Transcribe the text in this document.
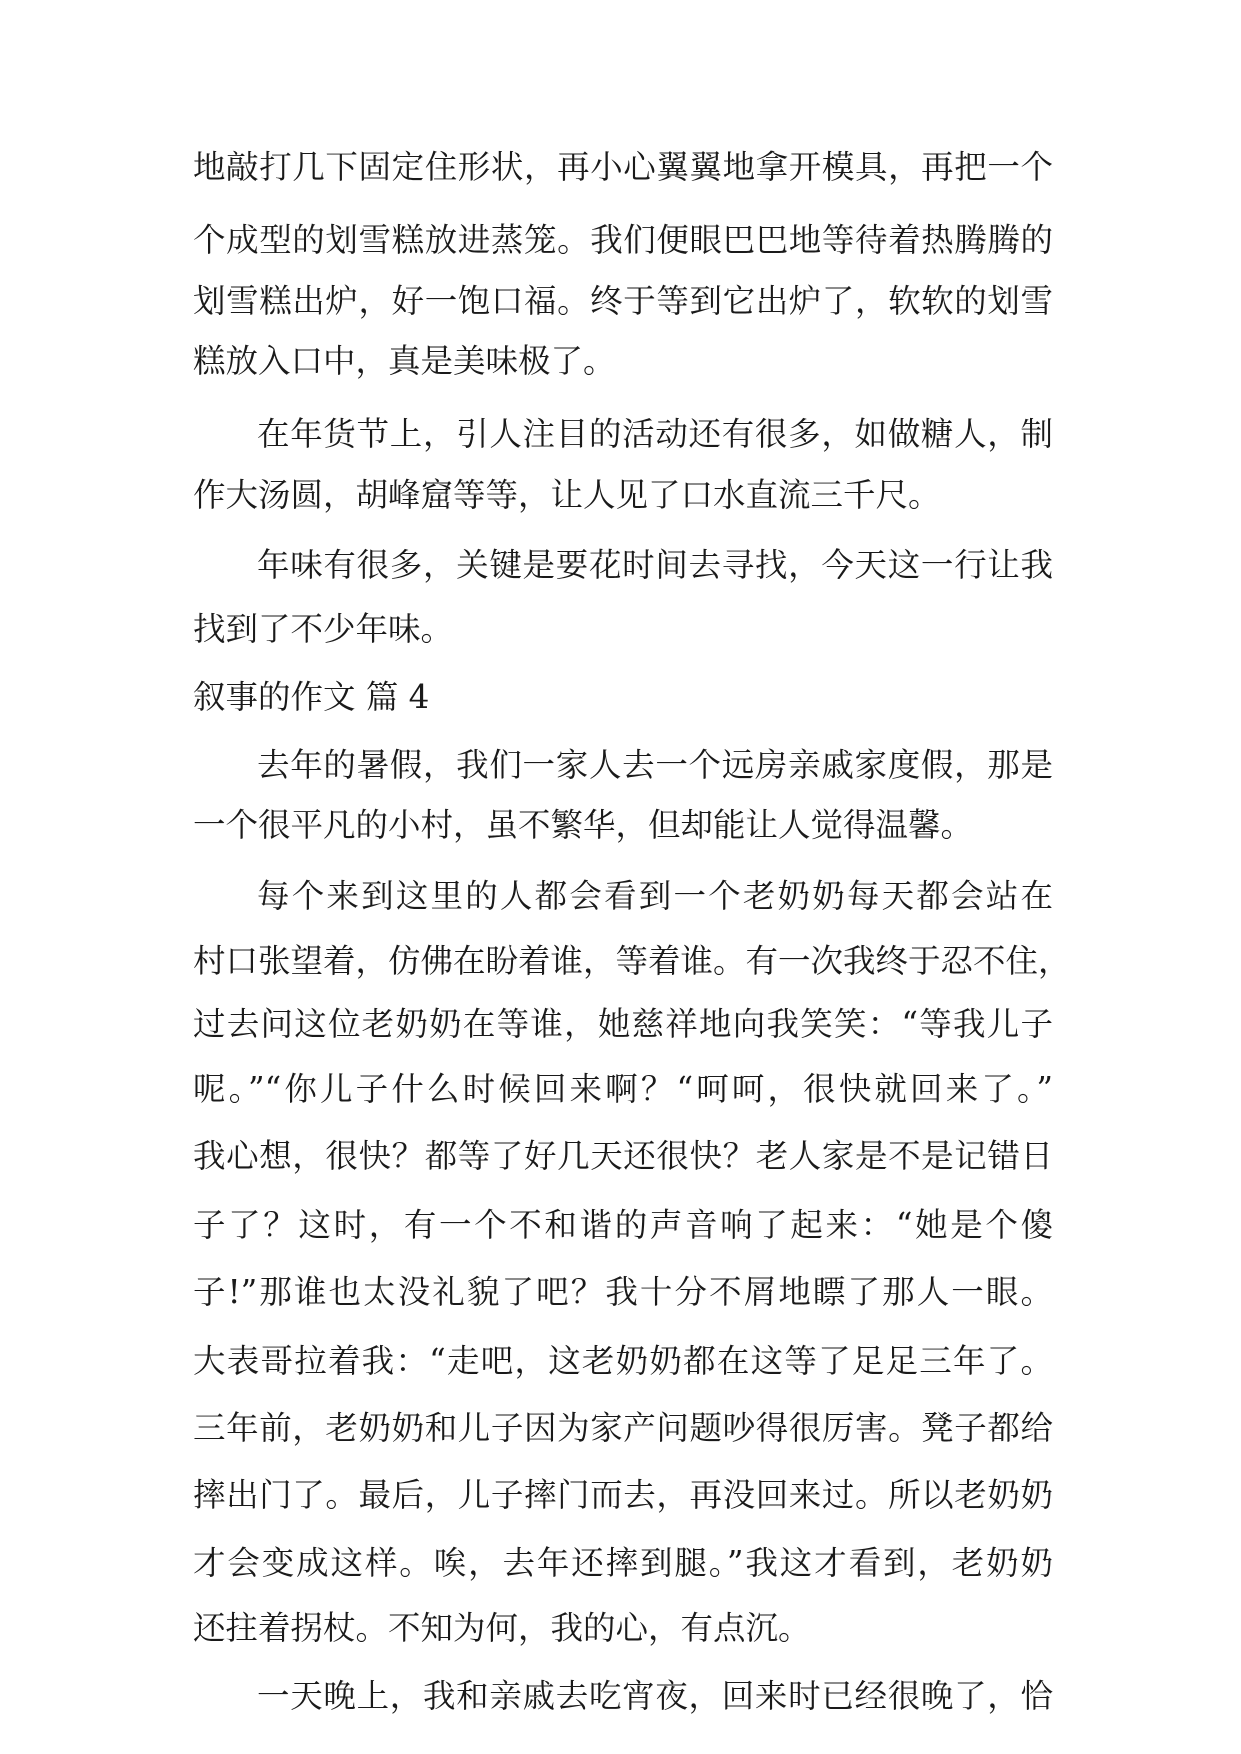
地敲打几下固定住形状，再小心翼翼地拿开模具，再把一个
个成型的划雪糕放进蒸笼。我们便眼巴巴地等待着热腾腾的
划雪糕出炉，好一饱口福。终于等到它出炉了，软软的划雪
糕放入口中，真是美味极了。
在年货节上，引人注目的活动还有很多，如做糖人，制
作大汤圆，胡峰窟等等，让人见了口水直流三千尺。
年味有很多，关键是要花时间去寻找，今天这一行让我
找到了不少年味。
叙事的作文 篇 4
去年的暑假，我们一家人去一个远房亲戚家度假，那是
一个很平凡的小村，虽不繁华，但却能让人觉得温馨。
每个来到这里的人都会看到一个老奶奶每天都会站在
村口张望着，仿佛在盼着谁，等着谁。有一次我终于忍不住，
过去问这位老奶奶在等谁，她慈祥地向我笑笑：“等我儿子
呢。”“你儿子什么时候回来啊？“呵呵，很快就回来了。”
我心想，很快？都等了好几天还很快？老人家是不是记错日
子了？这时，有一个不和谐的声音响了起来：“她是个傻
子!”那谁也太没礼貌了吧？我十分不屑地瞟了那人一眼。
大表哥拉着我：“走吧，这老奶奶都在这等了足足三年了。
三年前，老奶奶和儿子因为家产问题吵得很厉害。凳子都给
摔出门了。最后，儿子摔门而去，再没回来过。所以老奶奶
才会变成这样。唉，去年还摔到腿。”我这才看到，老奶奶
还拄着拐杖。不知为何，我的心，有点沉。
一天晚上，我和亲戚去吃宵夜，回来时已经很晚了，恰
